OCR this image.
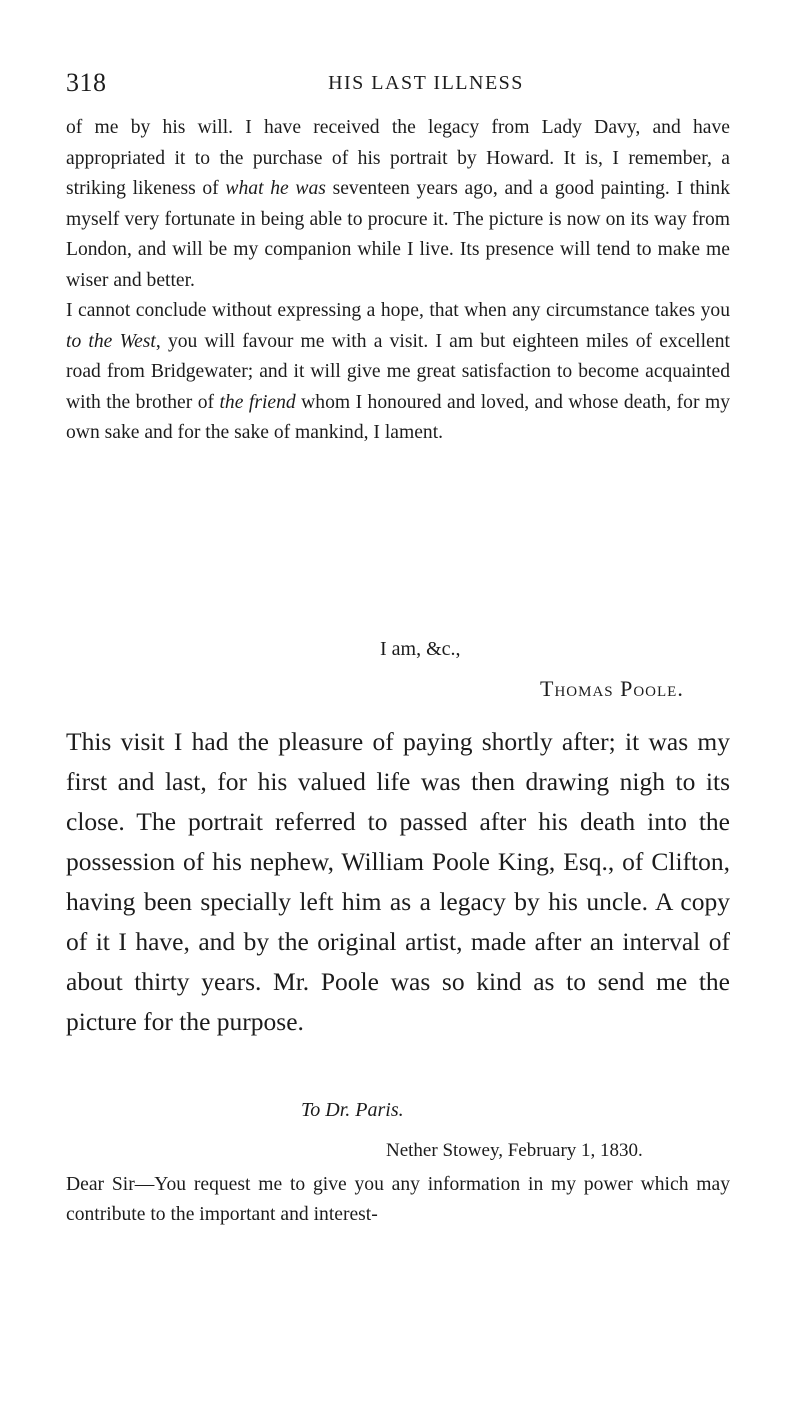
318	HIS LAST ILLNESS

of me by his will. I have received the legacy from Lady Davy, and have appropriated it to the purchase of his portrait by Howard. It is, I remember, a striking likeness of what he was seventeen years ago, and a good painting. I think myself very fortunate in being able to procure it. The picture is now on its way from London, and will be my companion while I live. Its presence will tend to make me wiser and better.

I cannot conclude without expressing a hope, that when any circumstance takes you to the West, you will favour me with a visit. I am but eighteen miles of excellent road from Bridgewater; and it will give me great satisfaction to become acquainted with the brother of the friend whom I honoured and loved, and whose death, for my own sake and for the sake of mankind, I lament.

I am, &c.,
Thomas Poole.

This visit I had the pleasure of paying shortly after; it was my first and last, for his valued life was then drawing nigh to its close. The portrait referred to passed after his death into the possession of his nephew, William Poole King, Esq., of Clifton, having been specially left him as a legacy by his uncle. A copy of it I have, and by the original artist, made after an interval of about thirty years. Mr. Poole was so kind as to send me the picture for the purpose.

To Dr. Paris.
Nether Stowey, February 1, 1830.

Dear Sir—You request me to give you any information in my power which may contribute to the important and interest-
